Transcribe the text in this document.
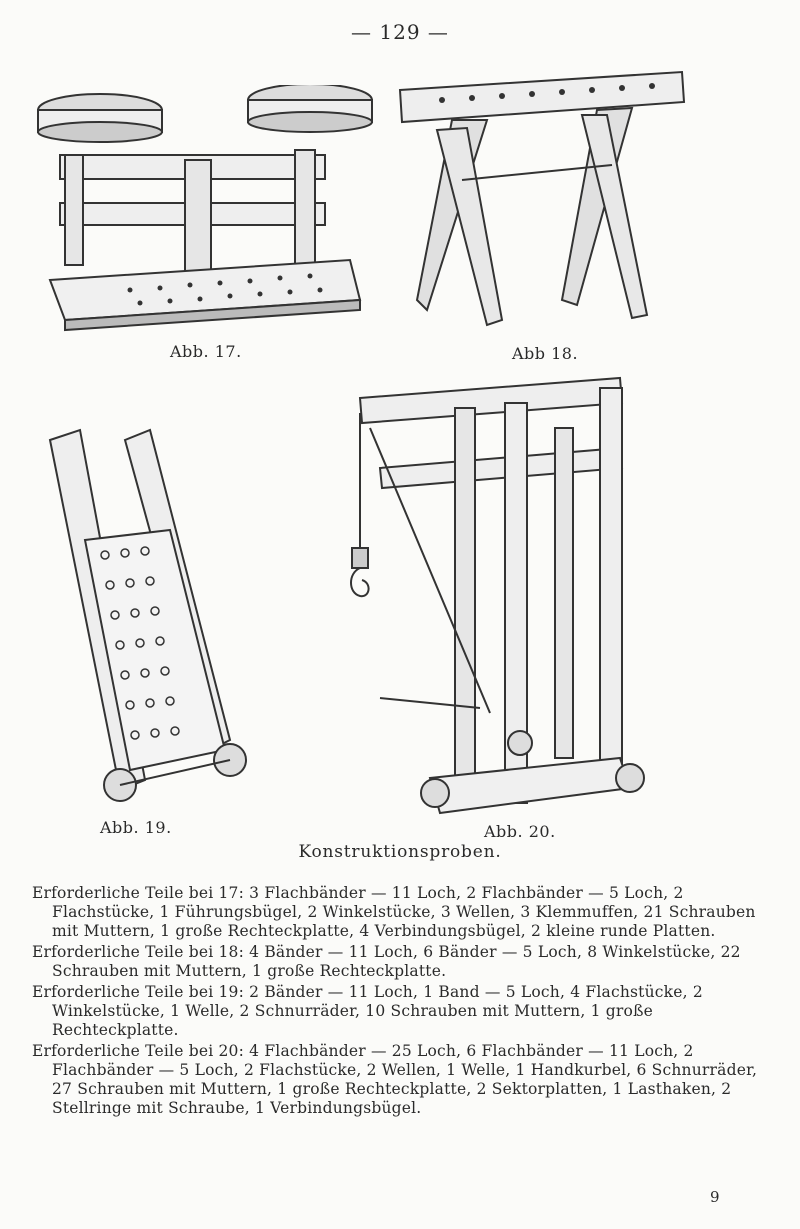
— 129 —
Abb. 17.	Abb 18.
Abb. 19.	Abb. 20.
Konstruktionsproben.

Erforderliche Teile bei 17: 3 Flachbänder — 11 Loch, 2 Flachbänder — 5 Loch, 2 Flachstücke, 1 Führungsbügel, 2 Winkelstücke, 3 Wellen, 3 Klemmuffen, 21 Schrauben mit Muttern, 1 große Rechteckplatte, 4 Verbindungsbügel, 2 kleine runde Platten.

Erforderliche Teile bei 18: 4 Bänder — 11 Loch, 6 Bänder — 5 Loch, 8 Winkelstücke, 22 Schrauben mit Muttern, 1 große Rechteckplatte.

Erforderliche Teile bei 19: 2 Bänder — 11 Loch, 1 Band — 5 Loch, 4 Flachstücke, 2 Winkelstücke, 1 Welle, 2 Schnurräder, 10 Schrauben mit Muttern, 1 große Rechteckplatte.

Erforderliche Teile bei 20: 4 Flachbänder — 25 Loch, 6 Flachbänder — 11 Loch, 2 Flachbänder — 5 Loch, 2 Flachstücke, 2 Wellen, 1 Welle, 1 Handkurbel, 6 Schnurräder, 27 Schrauben mit Muttern, 1 große Rechteckplatte, 2 Sektorplatten, 1 Lasthaken, 2 Stellringe mit Schraube, 1 Verbindungsbügel.

9
